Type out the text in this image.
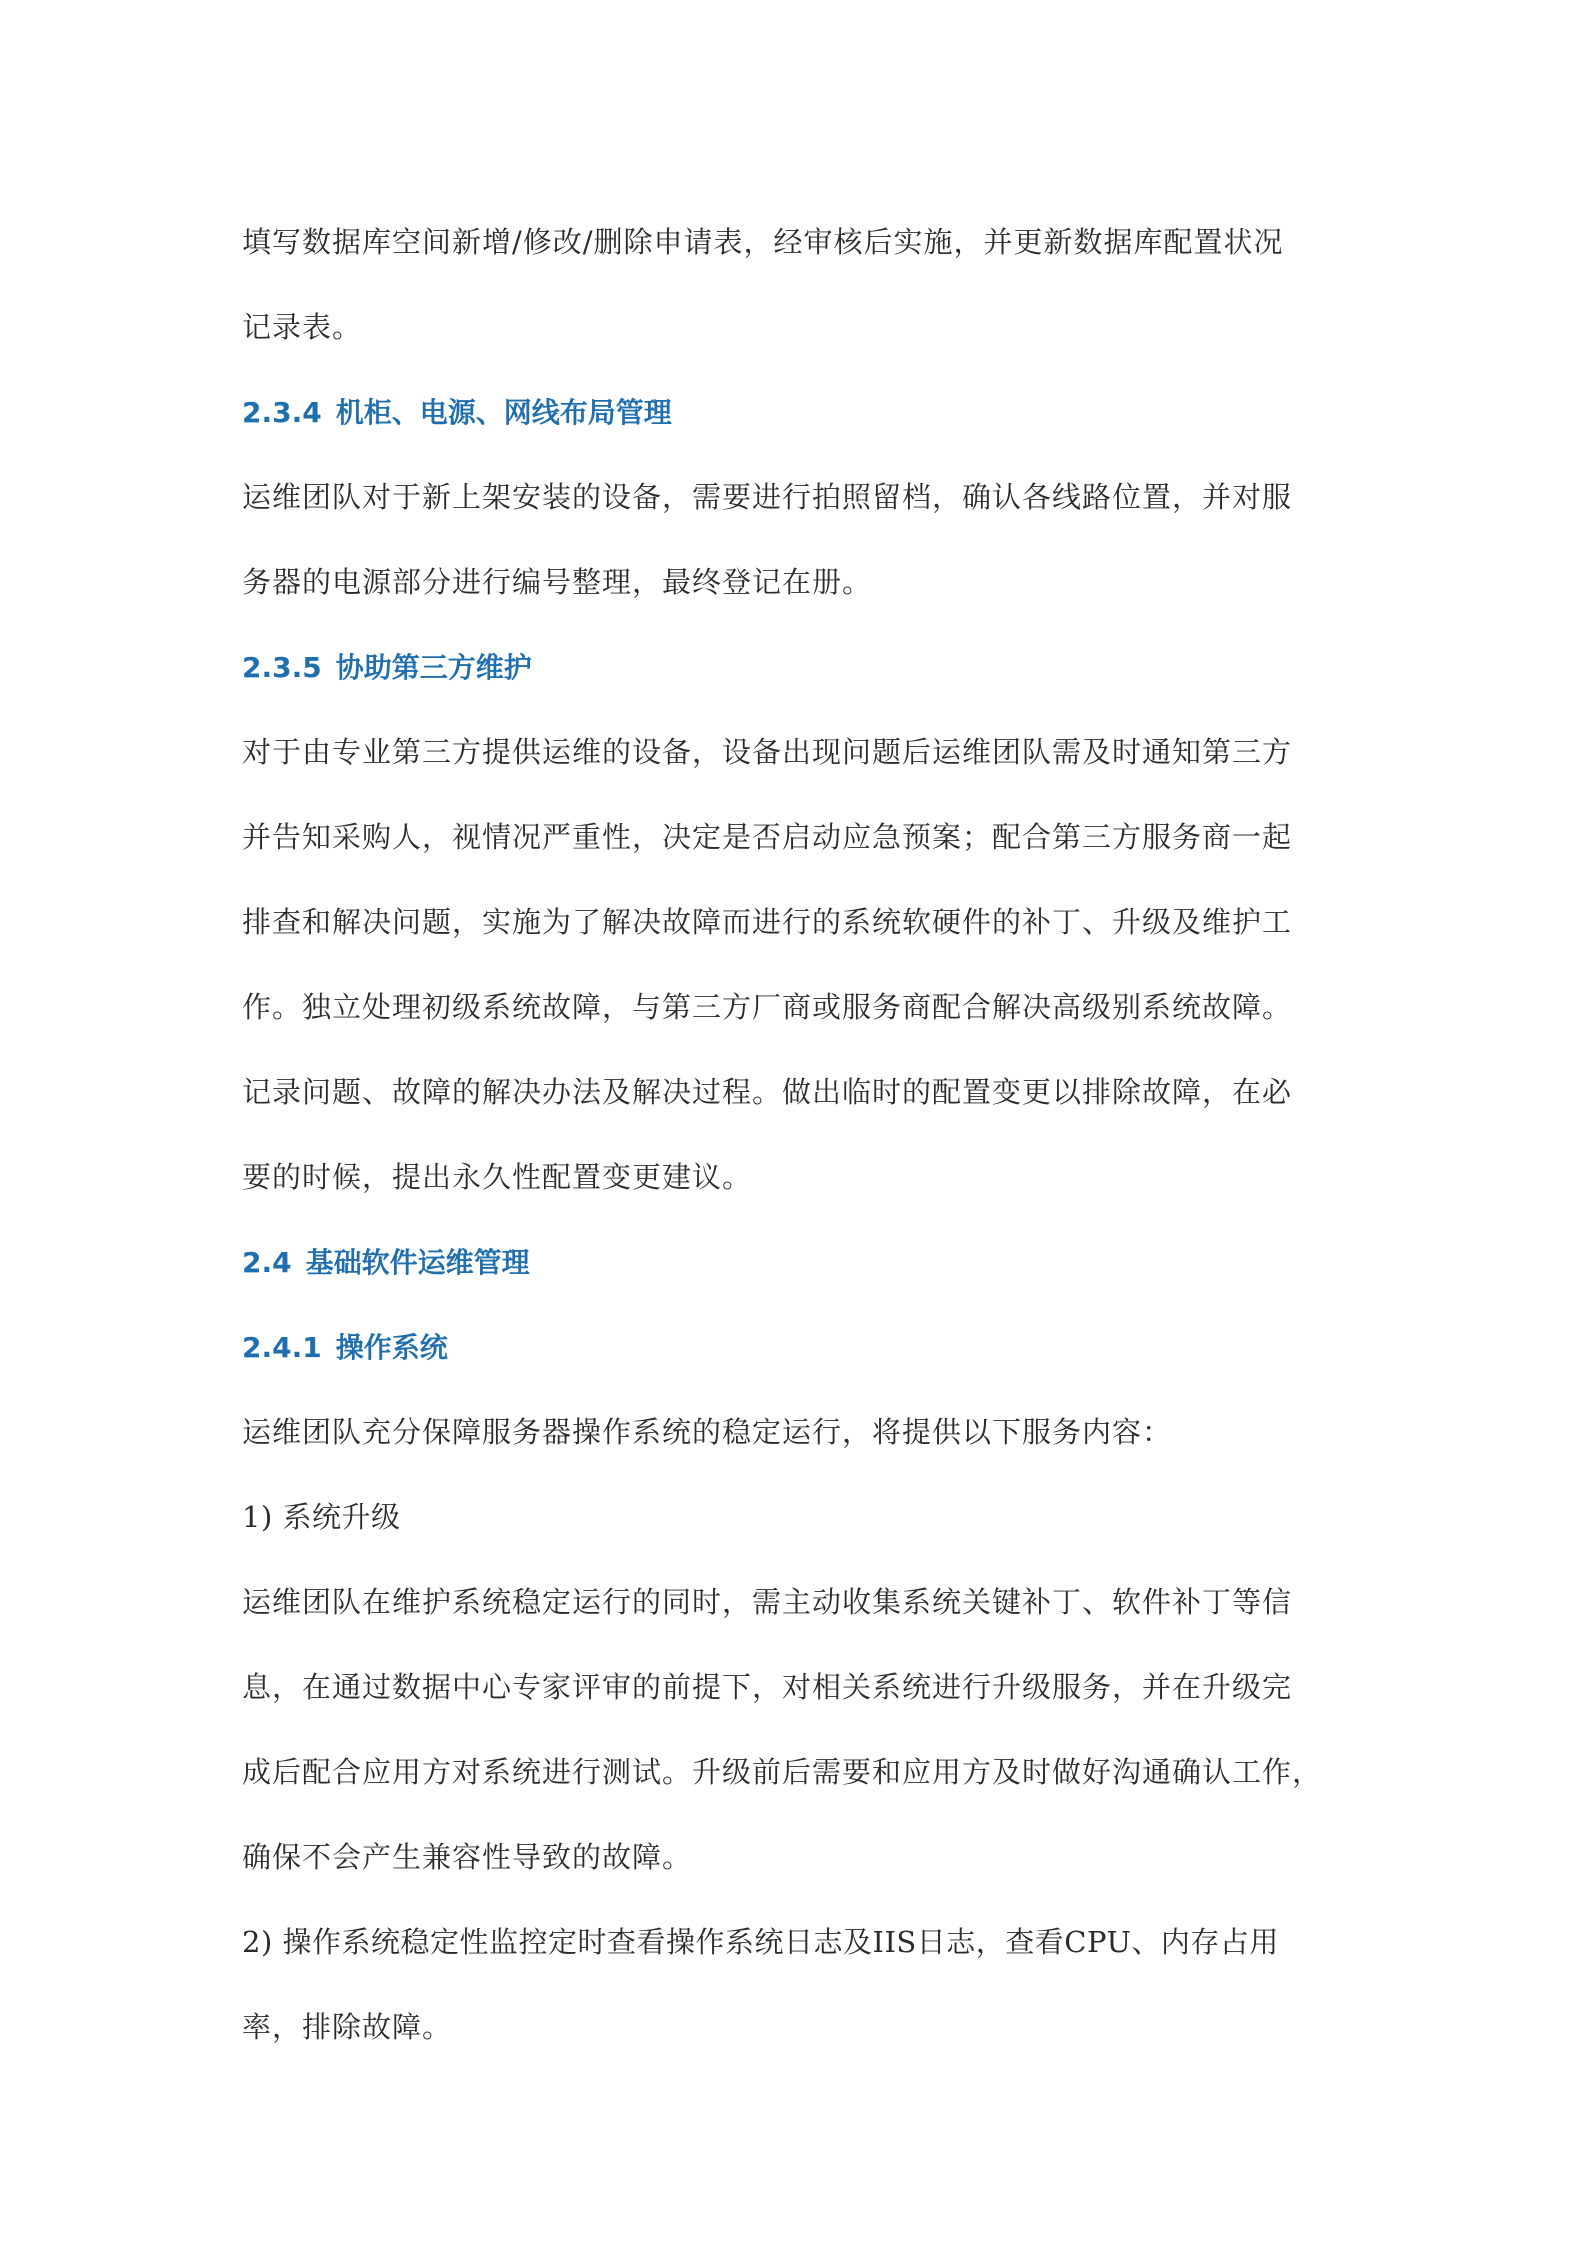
填写数据库空间新增/修改/删除申请表，经审核后实施，并更新数据库配置状况
记录表。
2.3.4 机柜、电源、网线布局管理
运维团队对于新上架安装的设备，需要进行拍照留档，确认各线路位置，并对服
务器的电源部分进行编号整理，最终登记在册。
2.3.5 协助第三方维护
对于由专业第三方提供运维的设备，设备出现问题后运维团队需及时通知第三方
并告知采购人，视情况严重性，决定是否启动应急预案；配合第三方服务商一起
排查和解决问题，实施为了解决故障而进行的系统软硬件的补丁、升级及维护工
作。独立处理初级系统故障，与第三方厂商或服务商配合解决高级别系统故障。
记录问题、故障的解决办法及解决过程。做出临时的配置变更以排除故障，在必
要的时候，提出永久性配置变更建议。
2.4 基础软件运维管理
2.4.1 操作系统
运维团队充分保障服务器操作系统的稳定运行，将提供以下服务内容：
1) 系统升级
运维团队在维护系统稳定运行的同时，需主动收集系统关键补丁、软件补丁等信
息，在通过数据中心专家评审的前提下，对相关系统进行升级服务，并在升级完
成后配合应用方对系统进行测试。升级前后需要和应用方及时做好沟通确认工作，
确保不会产生兼容性导致的故障。
2) 操作系统稳定性监控定时查看操作系统日志及IIS日志，查看CPU、内存占用
率，排除故障。
